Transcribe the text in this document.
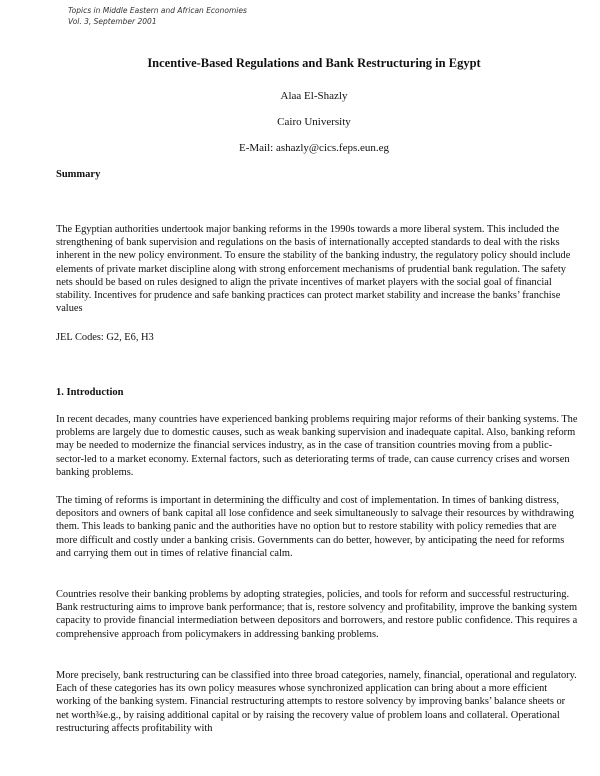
Topics in Middle Eastern and African Economies
Vol. 3, September 2001
Incentive-Based Regulations and Bank Restructuring in Egypt
Alaa El-Shazly
Cairo University
E-Mail: ashazly@cics.feps.eun.eg
Summary
The Egyptian authorities undertook major banking reforms in the 1990s towards a more liberal system. This included the strengthening of bank supervision and regulations on the basis of internationally accepted standards to deal with the risks inherent in the new policy environment. To ensure the stability of the banking industry, the regulatory policy should include elements of private market discipline along with strong enforcement mechanisms of prudential bank regulation. The safety nets should be based on rules designed to align the private incentives of market players with the social goal of financial stability. Incentives for prudence and safe banking practices can protect market stability and increase the banks’ franchise values
JEL Codes: G2, E6, H3
1. Introduction
In recent decades, many countries have experienced banking problems requiring major reforms of their banking systems. The problems are largely due to domestic causes, such as weak banking supervision and inadequate capital. Also, banking reform may be needed to modernize the financial services industry, as in the case of transition countries moving from a public-sector-led to a market economy. External factors, such as deteriorating terms of trade, can cause currency crises and worsen banking problems.
The timing of reforms is important in determining the difficulty and cost of implementation. In times of banking distress, depositors and owners of bank capital all lose confidence and seek simultaneously to salvage their resources by withdrawing them. This leads to banking panic and the authorities have no option but to restore stability with policy remedies that are more difficult and costly under a banking crisis. Governments can do better, however, by anticipating the need for reforms and carrying them out in times of relative financial calm.
Countries resolve their banking problems by adopting strategies, policies, and tools for reform and successful restructuring. Bank restructuring aims to improve bank performance; that is, restore solvency and profitability, improve the banking system capacity to provide financial intermediation between depositors and borrowers, and restore public confidence. This requires a comprehensive approach from policymakers in addressing banking problems.
More precisely, bank restructuring can be classified into three broad categories, namely, financial, operational and regulatory. Each of these categories has its own policy measures whose synchronized application can bring about a more efficient working of the banking system. Financial restructuring attempts to restore solvency by improving banks’ balance sheets or net worth¾e.g., by raising additional capital or by raising the recovery value of problem loans and collateral. Operational restructuring affects profitability with
